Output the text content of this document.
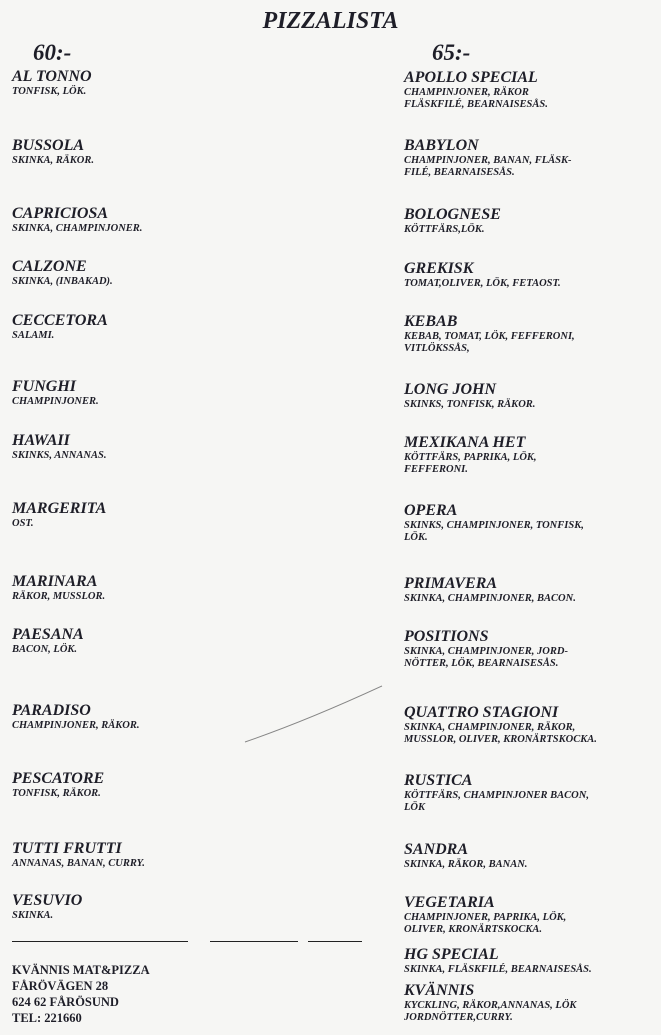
PIZZALISTA
60:-	65:-
AL TONNO
TONFISK, LÖK.
BUSSOLA
SKINKA, RÄKOR.
CAPRICIOSA
SKINKA, CHAMPINJONER.
CALZONE
SKINKA, (INBAKAD).
CECCETORA
SALAMI.
FUNGHI
CHAMPINJONER.
HAWAII
SKINKS, ANNANAS.
MARGERITA
OST.
MARINARA
RÄKOR, MUSSLOR.
PAESANA
BACON, LÖK.
PARADISO
CHAMPINJONER, RÄKOR.
PESCATORE
TONFISK, RÄKOR.
TUTTI FRUTTI
ANNANAS, BANAN, CURRY.
VESUVIO
SKINKA.
APOLLO SPECIAL
CHAMPINJONER, RÄKOR
FLÄSKFILÉ, BEARNAISESÅS.
BABYLON
CHAMPINJONER, BANAN, FLÄSK-
FILÉ, BEARNAISESÅS.
BOLOGNESE
KÖTTFÄRS,LÖK.
GREKISK
TOMAT,OLIVER, LÖK, FETAOST.
KEBAB
KEBAB, TOMAT, LÖK, FEFFERONI,
VITLÖKSSÅS,
LONG JOHN
SKINKS, TONFISK, RÄKOR.
MEXIKANA HET
KÖTTFÄRS, PAPRIKA, LÖK,
FEFFERONI.
OPERA
SKINKS, CHAMPINJONER, TONFISK,
LÖK.
PRIMAVERA
SKINKA, CHAMPINJONER, BACON.
POSITIONS
SKINKA, CHAMPINJONER, JORD-
NÖTTER, LÖK, BEARNAISESÅS.
QUATTRO STAGIONI
SKINKA, CHAMPINJONER, RÄKOR,
MUSSLOR, OLIVER, KRONÄRTSKOCKA.
RUSTICA
KÖTTFÄRS, CHAMPINJONER BACON,
LÖK
SANDRA
SKINKA, RÄKOR, BANAN.
VEGETARIA
CHAMPINJONER, PAPRIKA, LÖK,
OLIVER, KRONÄRTSKOCKA.
HG SPECIAL
SKINKA, FLÄSKFILÉ, BEARNAISESÅS.
KVÄNNIS
KYCKLING, RÄKOR,ANNANAS, LÖK
JORDNÖTTER,CURRY.
KVÄNNIS MAT&PIZZA
FÅRÖVÄGEN 28
624 62 FÅRÖSUND
TEL: 221660
